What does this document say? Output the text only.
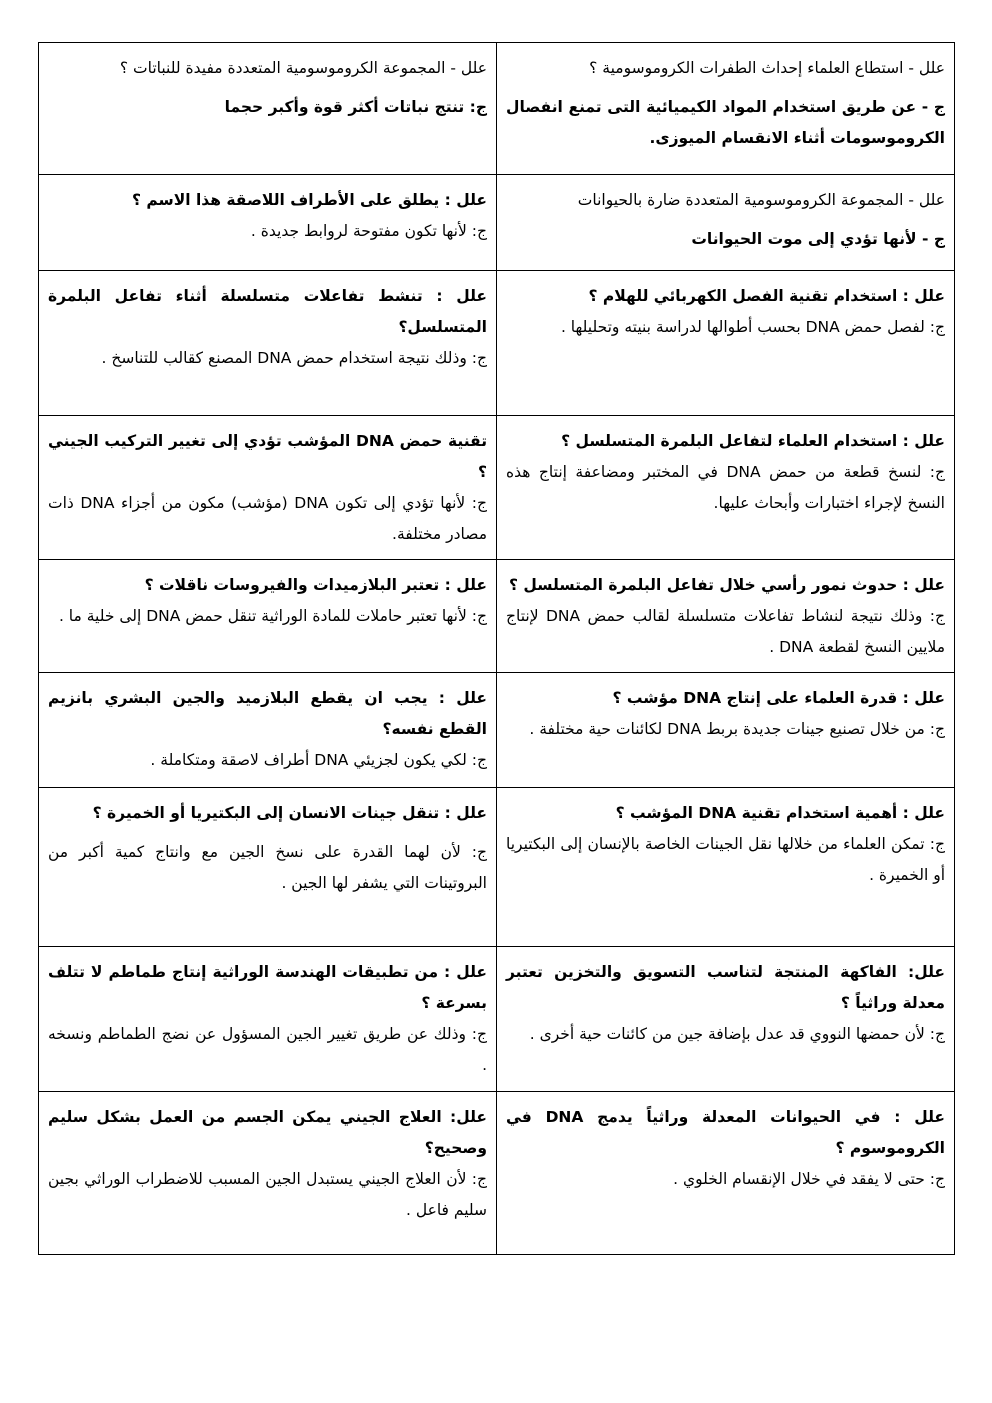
علل - استطاع العلماء إحداث الطفرات الكروموسومية ؟
ج - عن طريق استخدام المواد الكيميائية التى تمنع انفصال الكروموسومات أثناء الانقسام الميوزى.	علل - المجموعة الكروموسومية المتعددة مفيدة للنباتات ؟
ج: تنتج نباتات أكثر قوة وأكبر حجما

علل - المجموعة الكروموسومية المتعددة ضارة بالحيوانات
ج - لأنها تؤدي إلى موت الحيوانات	علل : يطلق على الأطراف اللاصقة هذا الاسم ؟
ج: لأنها تكون مفتوحة لروابط جديدة .

علل : استخدام تقنية الفصل الكهربائي للهلام ؟
ج: لفصل حمض DNA بحسب أطوالها لدراسة بنيته وتحليلها .	علل : تنشط تفاعلات متسلسلة أثناء تفاعل البلمرة المتسلسل؟
ج: وذلك نتيجة استخدام حمض DNA المصنع كقالب للتناسخ .

علل : استخدام العلماء لتفاعل البلمرة المتسلسل ؟
ج: لنسخ قطعة من حمض DNA في المختبر ومضاعفة إنتاج هذه النسخ لإجراء اختبارات وأبحاث عليها.	تقنية حمض DNA المؤشب تؤدي إلى تغيير التركيب الجيني ؟
ج: لأنها تؤدي إلى تكون DNA (مؤشب) مكون من أجزاء DNA ذات مصادر مختلفة.

علل : حدوث نمور رأسي خلال تفاعل البلمرة المتسلسل ؟
ج: وذلك نتيجة لنشاط تفاعلات متسلسلة لقالب حمض DNA لإنتاج ملايين النسخ لقطعة DNA .	علل : تعتبر البلازميدات والفيروسات ناقلات ؟
ج: لأنها تعتبر حاملات للمادة الوراثية تنقل حمض DNA إلى خلية ما .

علل : قدرة العلماء على إنتاج DNA مؤشب ؟
ج: من خلال تصنيع جينات جديدة بربط DNA لكائنات حية مختلفة .	علل : يجب ان يقطع البلازميد والجين البشري بانزيم القطع نفسه؟
ج: لكي يكون لجزيئي DNA أطراف لاصقة ومتكاملة .

علل : أهمية استخدام تقنية DNA المؤشب ؟
ج: تمكن العلماء من خلالها نقل الجينات الخاصة بالإنسان إلى البكتيريا أو الخميرة .	علل : تنقل جينات الانسان إلى البكتيريا أو الخميرة ؟
ج: لأن لهما القدرة على نسخ الجين مع وانتاج كمية أكبر من البروتينات التي يشفر لها الجين .

علل: الفاكهة المنتجة لتناسب التسويق والتخزين تعتبر معدلة وراثياً ؟
ج: لأن حمضها النووي قد عدل بإضافة جين من كائنات حية أخرى .	علل : من تطبيقات الهندسة الوراثية إنتاج طماطم لا تتلف بسرعة ؟
ج: وذلك عن طريق تغيير الجين المسؤول عن نضج الطماطم ونسخه .

علل : في الحيوانات المعدلة وراثياً يدمج DNA في الكروموسوم ؟
ج: حتى لا يفقد في خلال الإنقسام الخلوي .	علل: العلاج الجيني يمكن الجسم من العمل بشكل سليم وصحيح؟
ج: لأن العلاج الجيني يستبدل الجين المسبب للاضطراب الوراثي بجين سليم فاعل .
